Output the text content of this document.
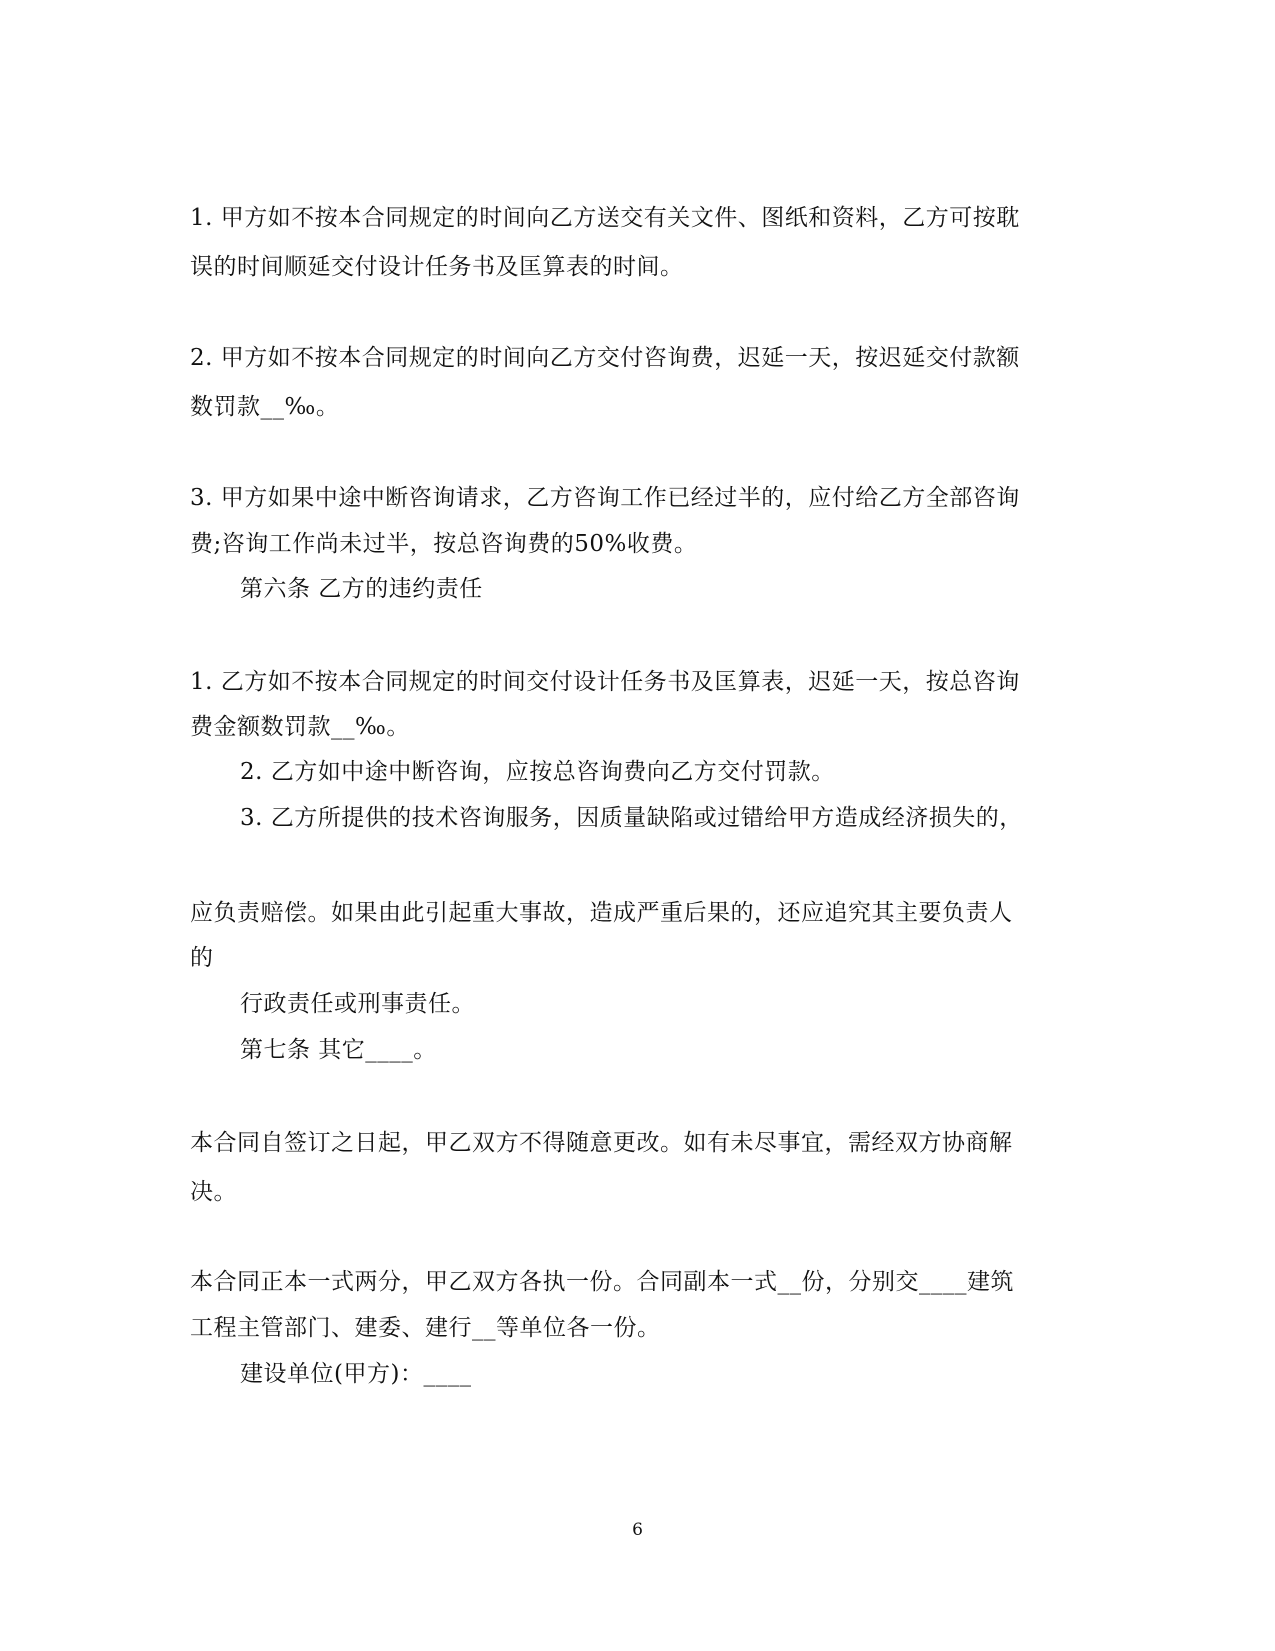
1. 甲方如不按本合同规定的时间向乙方送交有关文件、图纸和资料，乙方可按耽
误的时间顺延交付设计任务书及匡算表的时间。
2. 甲方如不按本合同规定的时间向乙方交付咨询费，迟延一天，按迟延交付款额
数罚款__‰。
3. 甲方如果中途中断咨询请求，乙方咨询工作已经过半的，应付给乙方全部咨询
费;咨询工作尚未过半，按总咨询费的50%收费。
第六条 乙方的违约责任
1. 乙方如不按本合同规定的时间交付设计任务书及匡算表，迟延一天，按总咨询
费金额数罚款__‰。
2. 乙方如中途中断咨询，应按总咨询费向乙方交付罚款。
3. 乙方所提供的技术咨询服务，因质量缺陷或过错给甲方造成经济损失的，
应负责赔偿。如果由此引起重大事故，造成严重后果的，还应追究其主要负责人
的
行政责任或刑事责任。
第七条 其它____。
本合同自签订之日起，甲乙双方不得随意更改。如有未尽事宜，需经双方协商解
决。
本合同正本一式两分，甲乙双方各执一份。合同副本一式__份，分别交____建筑
工程主管部门、建委、建行__等单位各一份。
建设单位(甲方)：____
6
